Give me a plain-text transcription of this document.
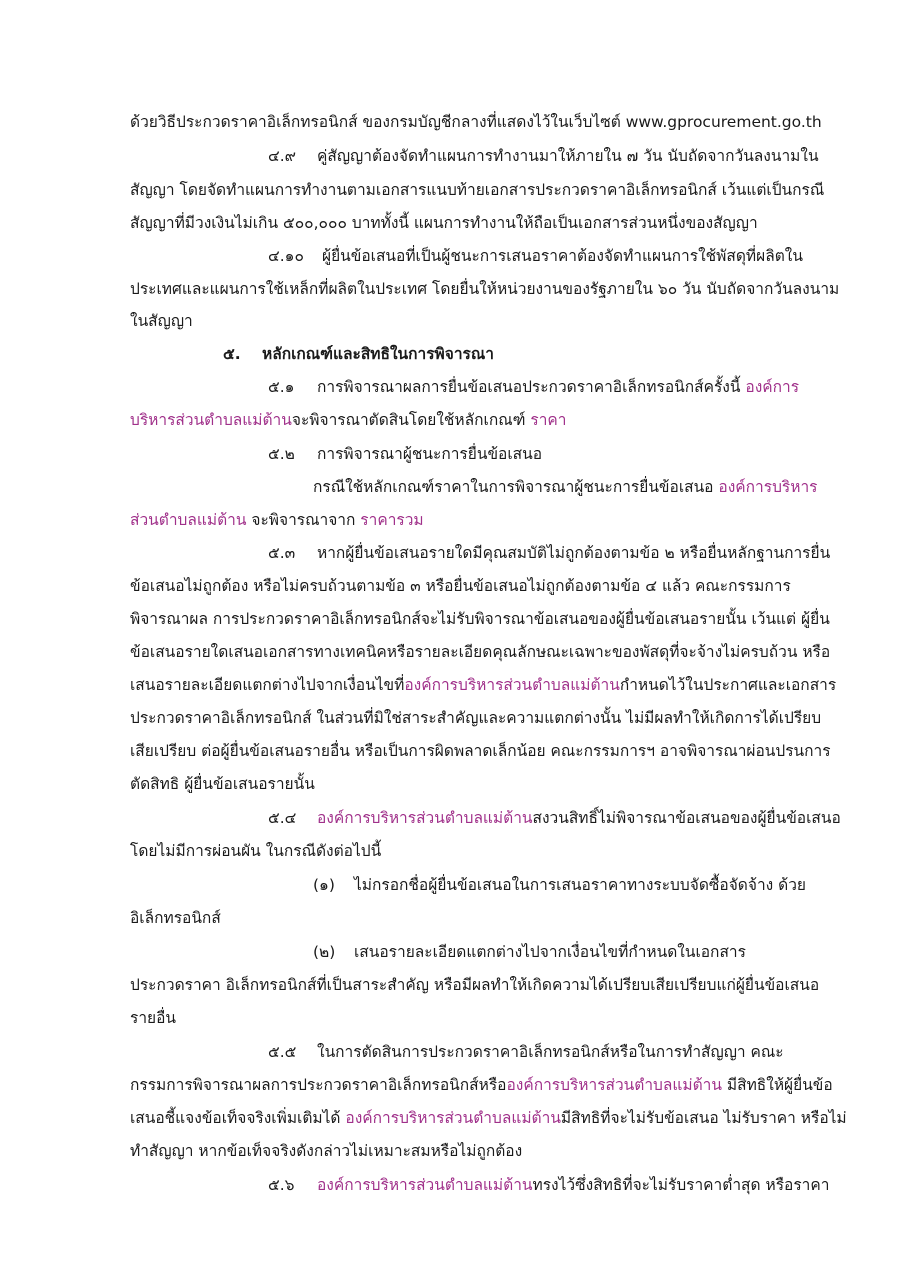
ด้วยวิธีประกวดราคาอิเล็กทรอนิกส์ ของกรมบัญชีกลางที่แสดงไว้ในเว็บไซต์ www.gprocurement.go.th
๔.๙ คู่สัญญาต้องจัดทำแผนการทำงานมาให้ภายใน ๗ วัน นับถัดจากวันลงนามใน
สัญญา โดยจัดทำแผนการทำงานตามเอกสารแนบท้ายเอกสารประกวดราคาอิเล็กทรอนิกส์ เว้นแต่เป็นกรณี
สัญญาที่มีวงเงินไม่เกิน ๕๐๐,๐๐๐ บาททั้งนี้ แผนการทำงานให้ถือเป็นเอกสารส่วนหนึ่งของสัญญา
๔.๑๐ ผู้ยื่นข้อเสนอที่เป็นผู้ชนะการเสนอราคาต้องจัดทำแผนการใช้พัสดุที่ผลิตใน
ประเทศและแผนการใช้เหล็กที่ผลิตในประเทศ โดยยื่นให้หน่วยงานของรัฐภายใน ๖๐ วัน นับถัดจากวันลงนาม
ในสัญญา
๕. หลักเกณฑ์และสิทธิในการพิจารณา
๕.๑ การพิจารณาผลการยื่นข้อเสนอประกวดราคาอิเล็กทรอนิกส์ครั้งนี้ องค์การ
บริหารส่วนตำบลแม่ต้านจะพิจารณาตัดสินโดยใช้หลักเกณฑ์ ราคา
๕.๒ การพิจารณาผู้ชนะการยื่นข้อเสนอ
กรณีใช้หลักเกณฑ์ราคาในการพิจารณาผู้ชนะการยื่นข้อเสนอ องค์การบริหาร
ส่วนตำบลแม่ต้าน จะพิจารณาจาก ราคารวม
๕.๓ หากผู้ยื่นข้อเสนอรายใดมีคุณสมบัติไม่ถูกต้องตามข้อ ๒ หรือยื่นหลักฐานการยื่น
ข้อเสนอไม่ถูกต้อง หรือไม่ครบถ้วนตามข้อ ๓ หรือยื่นข้อเสนอไม่ถูกต้องตามข้อ ๔ แล้ว คณะกรรมการ
พิจารณาผล การประกวดราคาอิเล็กทรอนิกส์จะไม่รับพิจารณาข้อเสนอของผู้ยื่นข้อเสนอรายนั้น เว้นแต่ ผู้ยื่น
ข้อเสนอรายใดเสนอเอกสารทางเทคนิคหรือรายละเอียดคุณลักษณะเฉพาะของพัสดุที่จะจ้างไม่ครบถ้วน หรือ
เสนอรายละเอียดแตกต่างไปจากเงื่อนไขที่องค์การบริหารส่วนตำบลแม่ต้านกำหนดไว้ในประกาศและเอกสาร
ประกวดราคาอิเล็กทรอนิกส์ ในส่วนที่มิใช่สาระสำคัญและความแตกต่างนั้น ไม่มีผลทำให้เกิดการได้เปรียบ
เสียเปรียบ ต่อผู้ยื่นข้อเสนอรายอื่น หรือเป็นการผิดพลาดเล็กน้อย คณะกรรมการฯ อาจพิจารณาผ่อนปรนการ
ตัดสิทธิ ผู้ยื่นข้อเสนอรายนั้น
๕.๔ องค์การบริหารส่วนตำบลแม่ต้านสงวนสิทธิ์ไม่พิจารณาข้อเสนอของผู้ยื่นข้อเสนอ
โดยไม่มีการผ่อนผัน ในกรณีดังต่อไปนี้
(๑) ไม่กรอกชื่อผู้ยื่นข้อเสนอในการเสนอราคาทางระบบจัดซื้อจัดจ้าง ด้วย
อิเล็กทรอนิกส์
(๒) เสนอรายละเอียดแตกต่างไปจากเงื่อนไขที่กำหนดในเอกสาร
ประกวดราคา อิเล็กทรอนิกส์ที่เป็นสาระสำคัญ หรือมีผลทำให้เกิดความได้เปรียบเสียเปรียบแก่ผู้ยื่นข้อเสนอ
รายอื่น
๕.๕ ในการตัดสินการประกวดราคาอิเล็กทรอนิกส์หรือในการทำสัญญา คณะ
กรรมการพิจารณาผลการประกวดราคาอิเล็กทรอนิกส์หรือองค์การบริหารส่วนตำบลแม่ต้าน มีสิทธิให้ผู้ยื่นข้อ
เสนอชี้แจงข้อเท็จจริงเพิ่มเติมได้ องค์การบริหารส่วนตำบลแม่ต้านมีสิทธิที่จะไม่รับข้อเสนอ ไม่รับราคา หรือไม่
ทำสัญญา หากข้อเท็จจริงดังกล่าวไม่เหมาะสมหรือไม่ถูกต้อง
๕.๖ องค์การบริหารส่วนตำบลแม่ต้านทรงไว้ซึ่งสิทธิที่จะไม่รับราคาต่ำสุด หรือราคา
